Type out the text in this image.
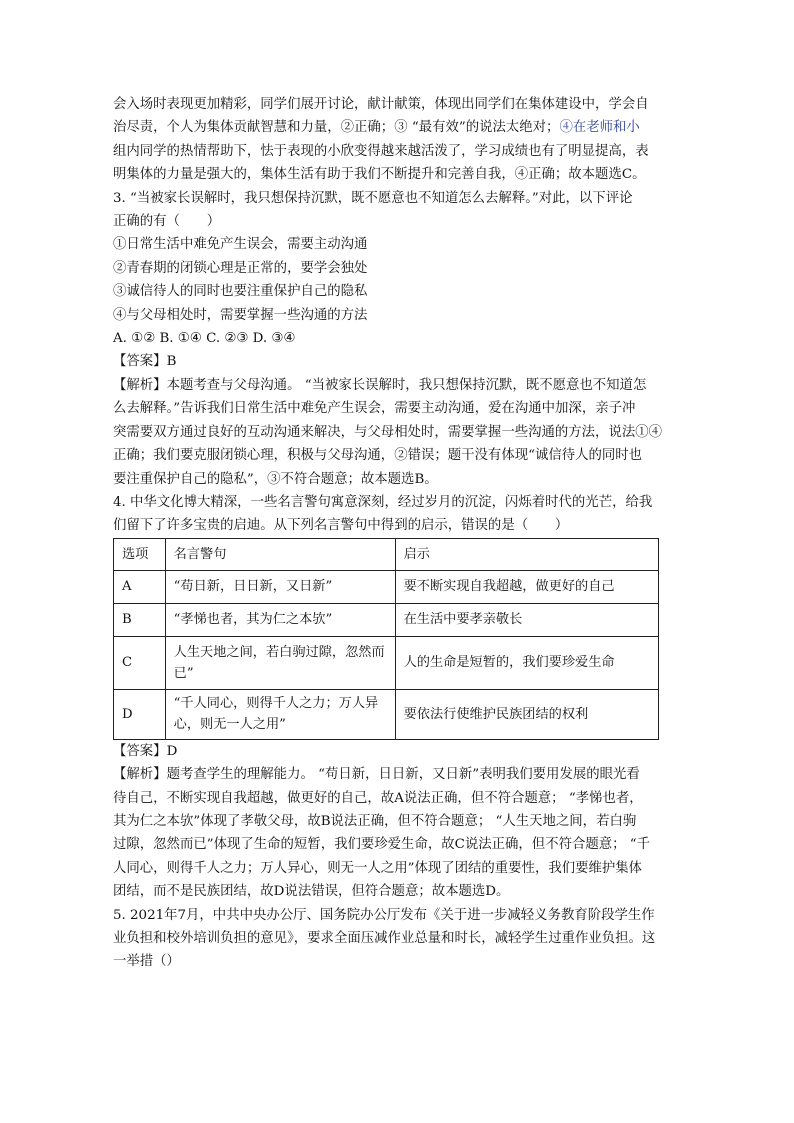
会入场时表现更加精彩，同学们展开讨论，献计献策，体现出同学们在集体建设中，学会自

治尽责，个人为集体贡献智慧和力量，②正确；③ “最有效”的说法太绝对；④在老师和小

组内同学的热情帮助下，怯于表现的小欣变得越来越活泼了，学习成绩也有了明显提高，表

明集体的力量是强大的，集体生活有助于我们不断提升和完善自我，④正确；故本题选C。

3. “当被家长误解时，我只想保持沉默，既不愿意也不知道怎么去解释。”对此，以下评论

正确的有（　　）

①日常生活中难免产生误会，需要主动沟通

②青春期的闭锁心理是正常的，要学会独处

③诚信待人的同时也要注重保护自己的隐私

④与父母相处时，需要掌握一些沟通的方法

A. ①② B. ①④ C. ②③ D. ③④

【答案】B

【解析】本题考查与父母沟通。 “当被家长误解时，我只想保持沉默，既不愿意也不知道怎

么去解释。”告诉我们日常生活中难免产生误会，需要主动沟通，爱在沟通中加深，亲子冲

突需要双方通过良好的互动沟通来解决，与父母相处时，需要掌握一些沟通的方法，说法①④

正确；我们要克服闭锁心理，积极与父母沟通，②错误；题干没有体现“诚信待人的同时也

要注重保护自己的隐私”，③不符合题意；故本题选B。

4. 中华文化博大精深，一些名言警句寓意深刻，经过岁月的沉淀，闪烁着时代的光芒，给我

们留下了许多宝贵的启迪。从下列名言警句中得到的启示，错误的是（　　）

选项	名言警句	启示
A	“苟日新，日日新，又日新”	要不断实现自我超越，做更好的自己
B	“孝悌也者，其为仁之本欤”	在生活中要孝亲敬长
C	人生天地之间，若白驹过隙，忽然而已”	人的生命是短暂的，我们要珍爱生命
D	“千人同心，则得千人之力；万人异心，则无一人之用”	要依法行使维护民族团结的权利

【答案】D

【解析】题考查学生的理解能力。 “苟日新，日日新，又日新”表明我们要用发展的眼光看

待自己，不断实现自我超越，做更好的自己，故A说法正确，但不符合题意； “孝悌也者，

其为仁之本欤”体现了孝敬父母，故B说法正确，但不符合题意； “人生天地之间，若白驹

过隙，忽然而已”体现了生命的短暂，我们要珍爱生命，故C说法正确，但不符合题意； “千

人同心，则得千人之力；万人异心，则无一人之用”体现了团结的重要性，我们要维护集体

团结，而不是民族团结，故D说法错误，但符合题意；故本题选D。

5. 2021年7月，中共中央办公厅、国务院办公厅发布《关于进一步减轻义务教育阶段学生作

业负担和校外培训负担的意见》，要求全面压减作业总量和时长，减轻学生过重作业负担。这

一举措（）
